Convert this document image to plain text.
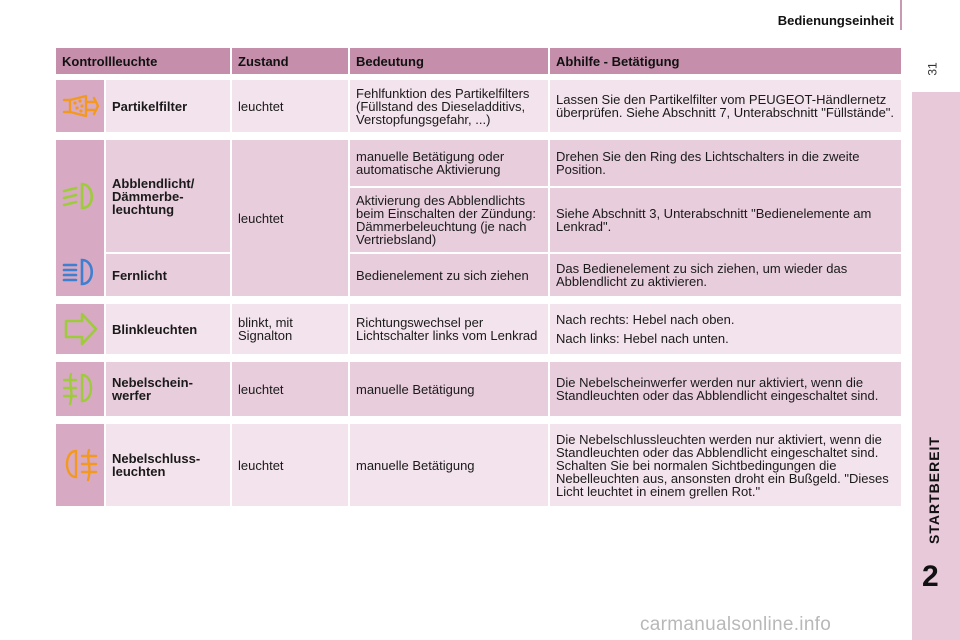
Bedienungseinheit
31
STARTBEREIT
2
Kontrollleuchte		Zustand	Bedeutung	Abhilfe - Betätigung

	Partikelfilter	leuchtet	Fehlfunktion des Partikelfilters (Füllstand des Dieseladditivs, Verstopfungsgefahr, ...)	Lassen Sie den Partikelfilter vom PEUGEOT-Händlernetz überprüfen. Siehe Abschnitt 7, Unterabschnitt "Füllstände".

	Abblendlicht/ Dämmerbe-leuchtung	leuchtet	manuelle Betätigung oder automatische Aktivierung	Drehen Sie den Ring des Lichtschalters in die zweite Position.
			Aktivierung des Abblendlichts beim Einschalten der Zündung: Dämmerbeleuchtung (je nach Vertriebsland)	Siehe Abschnitt 3, Unterabschnitt "Bedienelemente am Lenkrad".
	Fernlicht		Bedienelement zu sich ziehen	Das Bedienelement zu sich ziehen, um wieder das Abblendlicht zu aktivieren.

	Blinkleuchten	blinkt, mit Signalton	Richtungswechsel per Lichtschalter links vom Lenkrad	Nach rechts: Hebel nach oben.

Nach links: Hebel nach unten.

	Nebelschein-werfer	leuchtet	manuelle Betätigung	Die Nebelscheinwerfer werden nur aktiviert, wenn die Standleuchten oder das Abblendlicht eingeschaltet sind.

	Nebelschluss-leuchten	leuchtet	manuelle Betätigung	Die Nebelschlussleuchten werden nur aktiviert, wenn die Standleuchten oder das Abblendlicht eingeschaltet sind. Schalten Sie bei normalen Sichtbedingungen die Nebelleuchten aus, ansonsten droht ein Bußgeld. "Dieses Licht leuchtet in einem grellen Rot."
carmanualsonline.info
